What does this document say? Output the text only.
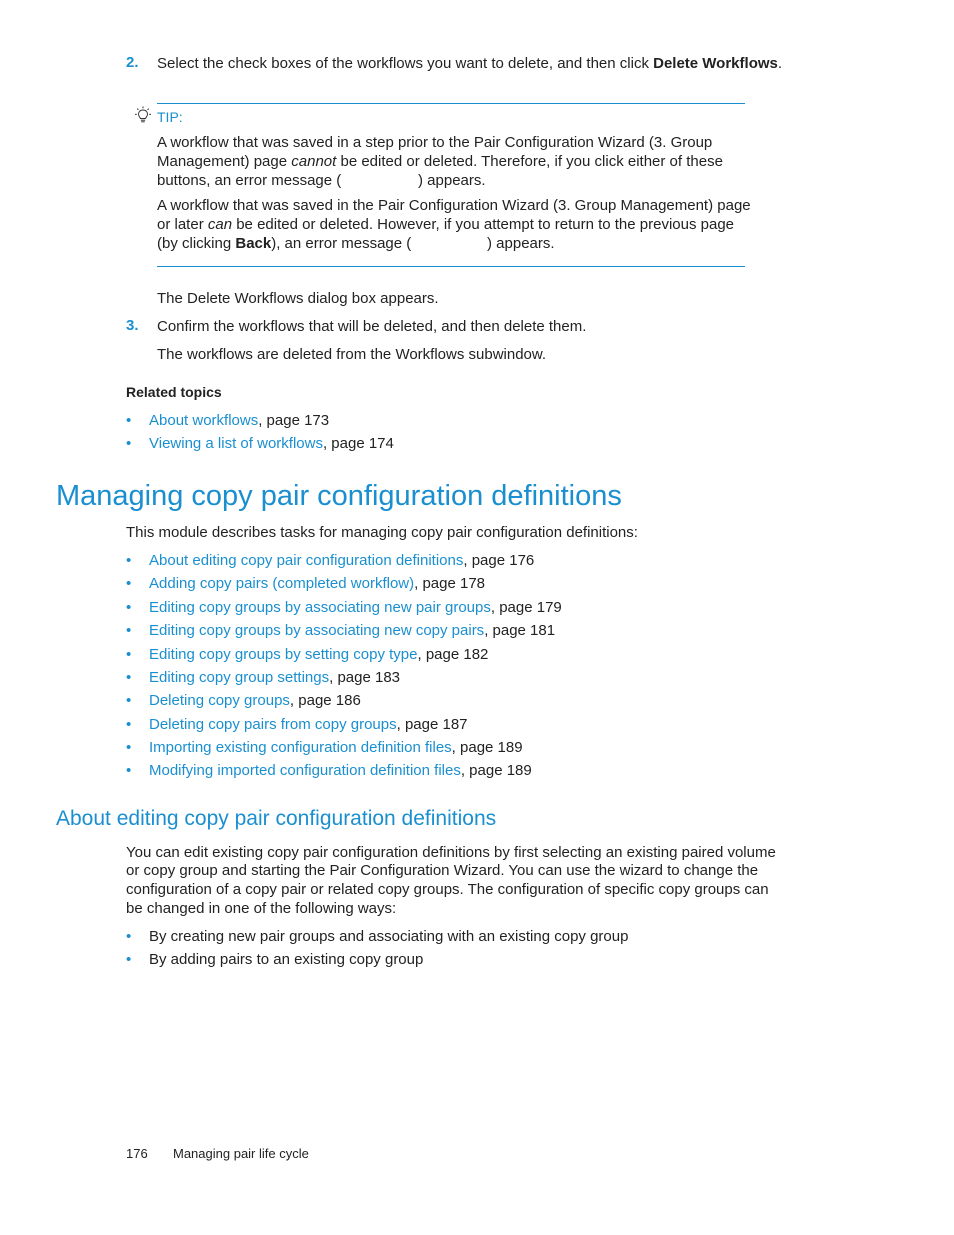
2. Select the check boxes of the workflows you want to delete, and then click Delete Workflows.
TIP:
A workflow that was saved in a step prior to the Pair Configuration Wizard (3. Group
Management) page cannot be edited or deleted. Therefore, if you click either of these
buttons, an error message (	) appears.
A workflow that was saved in the Pair Configuration Wizard (3. Group Management) page
or later can be edited or deleted. However, if you attempt to return to the previous page
(by clicking Back), an error message (	) appears.
The Delete Workflows dialog box appears.
3. Confirm the workflows that will be deleted, and then delete them.
The workflows are deleted from the Workflows subwindow.
Related topics
• About workflows, page 173
• Viewing a list of workflows, page 174
Managing copy pair configuration definitions
This module describes tasks for managing copy pair configuration definitions:
• About editing copy pair configuration definitions, page 176
• Adding copy pairs (completed workflow), page 178
• Editing copy groups by associating new pair groups, page 179
• Editing copy groups by associating new copy pairs, page 181
• Editing copy groups by setting copy type, page 182
• Editing copy group settings, page 183
• Deleting copy groups, page 186
• Deleting copy pairs from copy groups, page 187
• Importing existing configuration definition files, page 189
• Modifying imported configuration definition files, page 189
About editing copy pair configuration definitions
You can edit existing copy pair configuration definitions by first selecting an existing paired volume
or copy group and starting the Pair Configuration Wizard. You can use the wizard to change the
configuration of a copy pair or related copy groups. The configuration of specific copy groups can
be changed in one of the following ways:
• By creating new pair groups and associating with an existing copy group
• By adding pairs to an existing copy group
176 Managing pair life cycle
